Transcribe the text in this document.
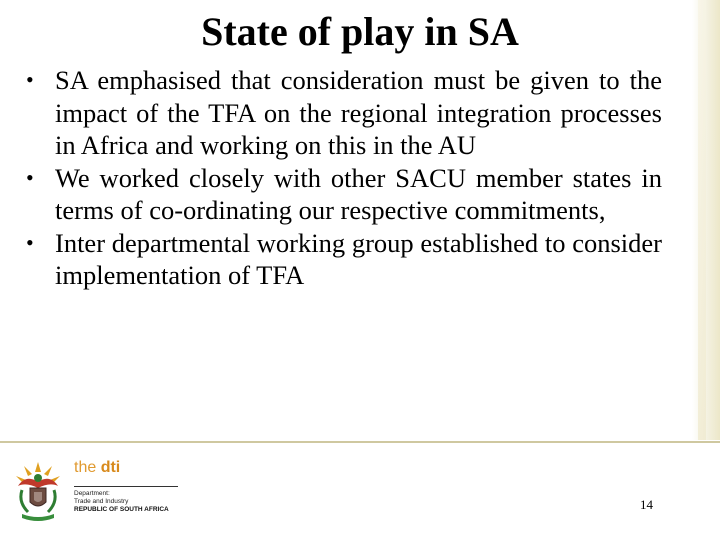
State of play in SA
• SA emphasised that consideration must be given to the impact of the TFA on the regional integration processes in Africa and working on this in the AU
• We worked closely with other SACU member states in terms of co-ordinating our respective commitments,
• Inter departmental working group established to consider implementation of TFA
the dti
Department:
Trade and Industry
REPUBLIC OF SOUTH AFRICA	14
